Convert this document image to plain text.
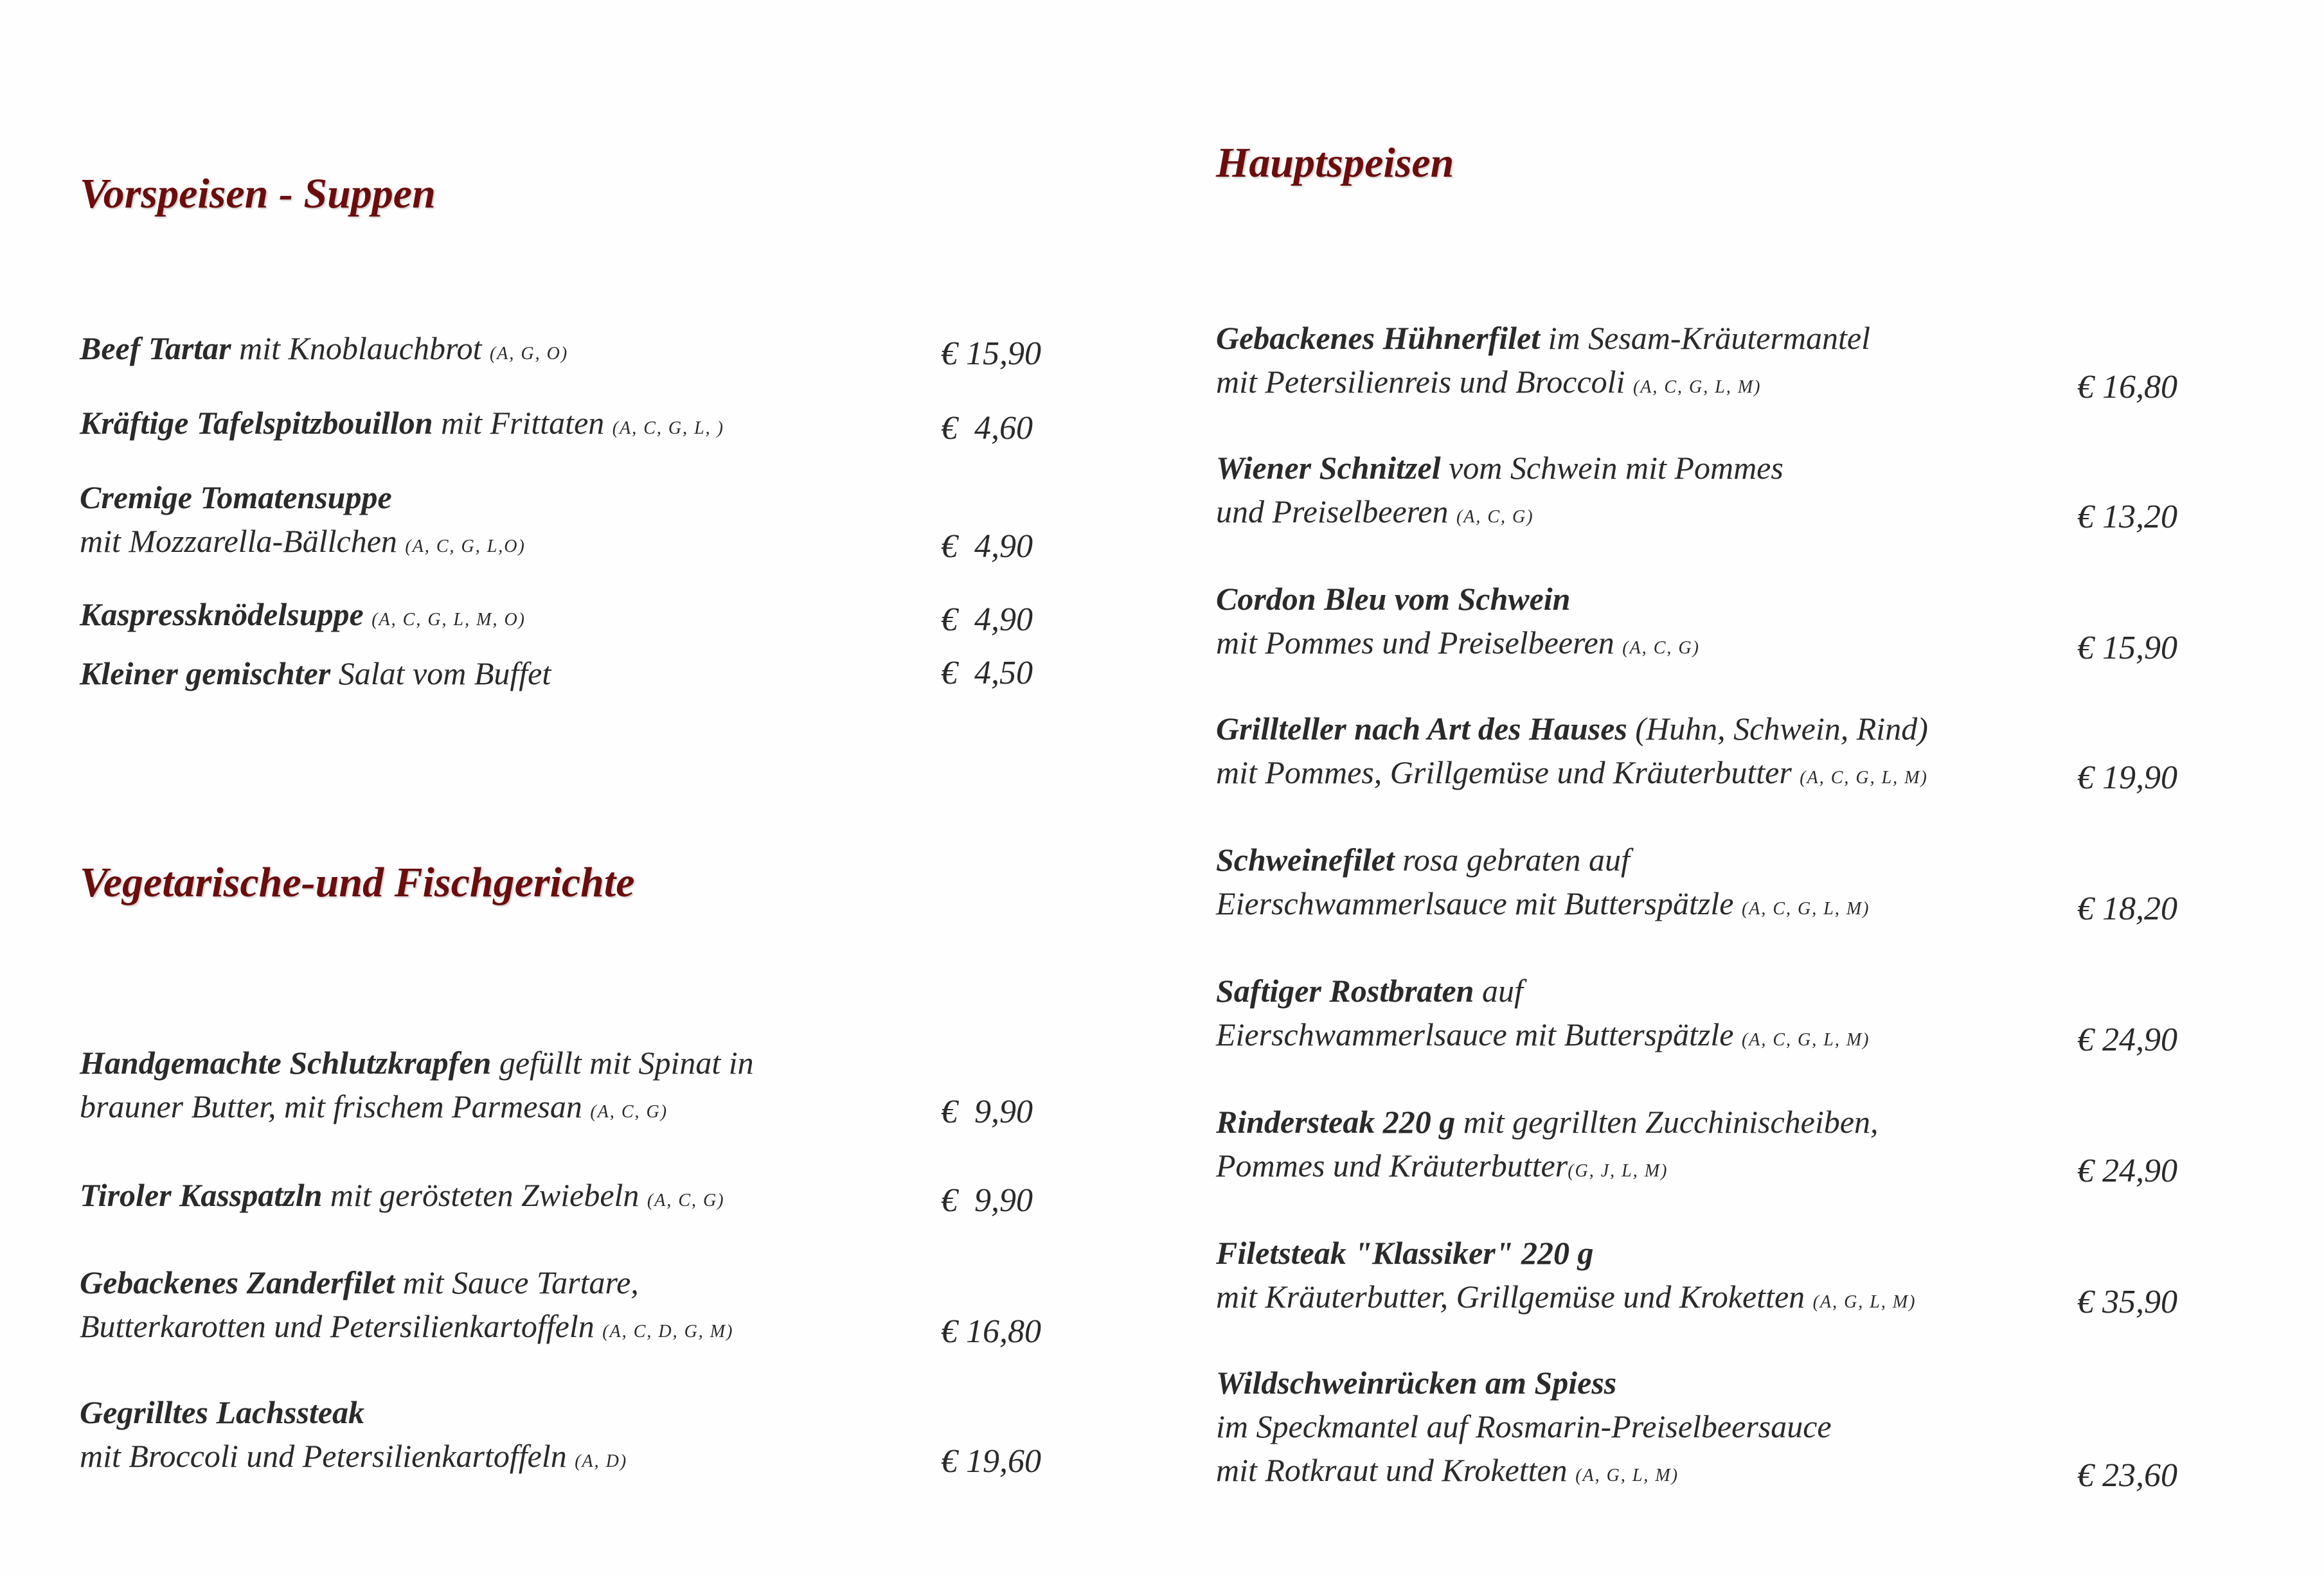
Vorspeisen - Suppen
Beef Tartar mit Knoblauchbrot (A, G, O)	€ 15,90
Kräftige Tafelspitzbouillon mit Frittaten (A, C, G, L, )	€  4,60
Cremige Tomatensuppe
mit Mozzarella-Bällchen (A, C, G, L,O)	€  4,90
Kaspressknödelsuppe (A, C, G, L, M, O)	€  4,90
Kleiner gemischter Salat vom Buffet	€  4,50
Vegetarische-und Fischgerichte
Handgemachte Schlutzkrapfen gefüllt mit Spinat in
brauner Butter, mit frischem Parmesan (A, C, G)	€  9,90
Tiroler Kasspatzln mit gerösteten Zwiebeln (A, C, G)	€  9,90
Gebackenes Zanderfilet mit Sauce Tartare,
Butterkarotten und Petersilienkartoffeln (A, C, D, G, M)	€ 16,80
Gegrilltes Lachssteak
mit Broccoli und Petersilienkartoffeln (A, D)	€ 19,60
Hauptspeisen
Gebackenes Hühnerfilet im Sesam-Kräutermantel
mit Petersilienreis und Broccoli (A, C, G, L, M)	€ 16,80
Wiener Schnitzel vom Schwein mit Pommes
und Preiselbeeren (A, C, G)	€ 13,20
Cordon Bleu vom Schwein
mit Pommes und Preiselbeeren (A, C, G)	€ 15,90
Grillteller nach Art des Hauses (Huhn, Schwein, Rind)
mit Pommes, Grillgemüse und Kräuterbutter (A, C, G, L, M)	€ 19,90
Schweinefilet rosa gebraten auf
Eierschwammerlsauce mit Butterspätzle (A, C, G, L, M)	€ 18,20
Saftiger Rostbraten auf
Eierschwammerlsauce mit Butterspätzle (A, C, G, L, M)	€ 24,90
Rindersteak 220 g mit gegrillten Zucchinischeiben,
Pommes und Kräuterbutter(G, J, L, M)	€ 24,90
Filetsteak "Klassiker" 220 g
mit Kräuterbutter, Grillgemüse und Kroketten (A, G, L, M)	€ 35,90
Wildschweinrücken am Spiess
im Speckmantel auf Rosmarin-Preiselbeersauce
mit Rotkraut und Kroketten (A, G, L, M)	€ 23,60
